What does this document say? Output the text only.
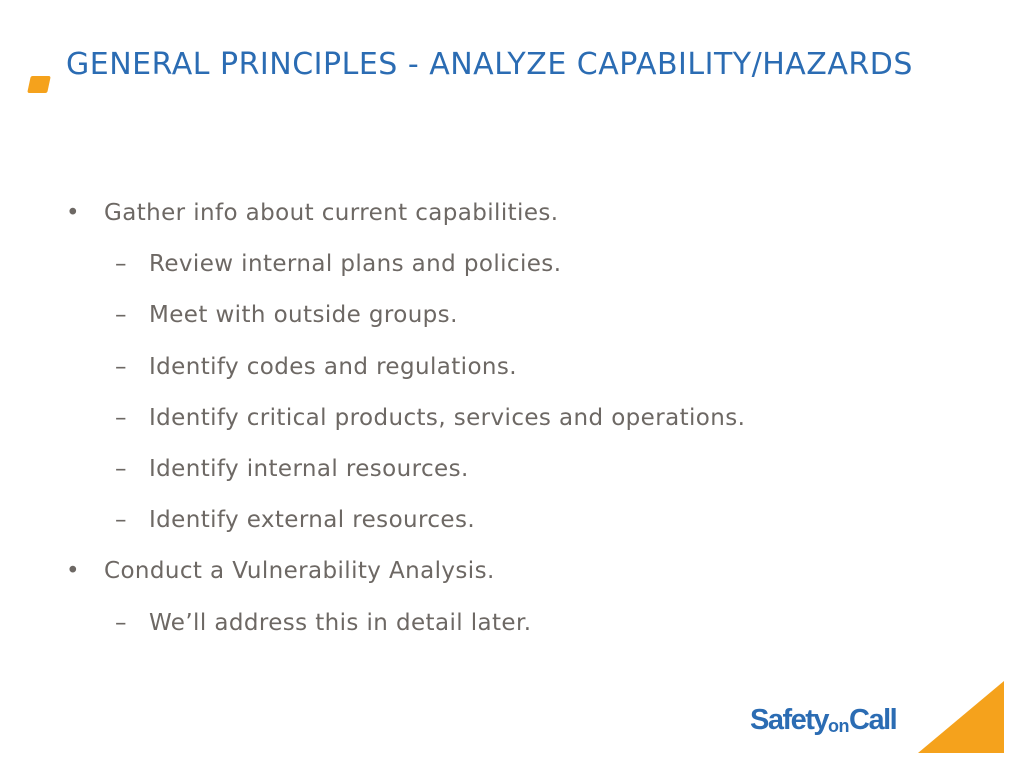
GENERAL PRINCIPLES - ANALYZE CAPABILITY/HAZARDS
• Gather info about current capabilities.
– Review internal plans and policies.
– Meet with outside groups.
– Identify codes and regulations.
– Identify critical products, services and operations.
– Identify internal resources.
– Identify external resources.
• Conduct a Vulnerability Analysis.
– We’ll address this in detail later.
SafetyonCall
